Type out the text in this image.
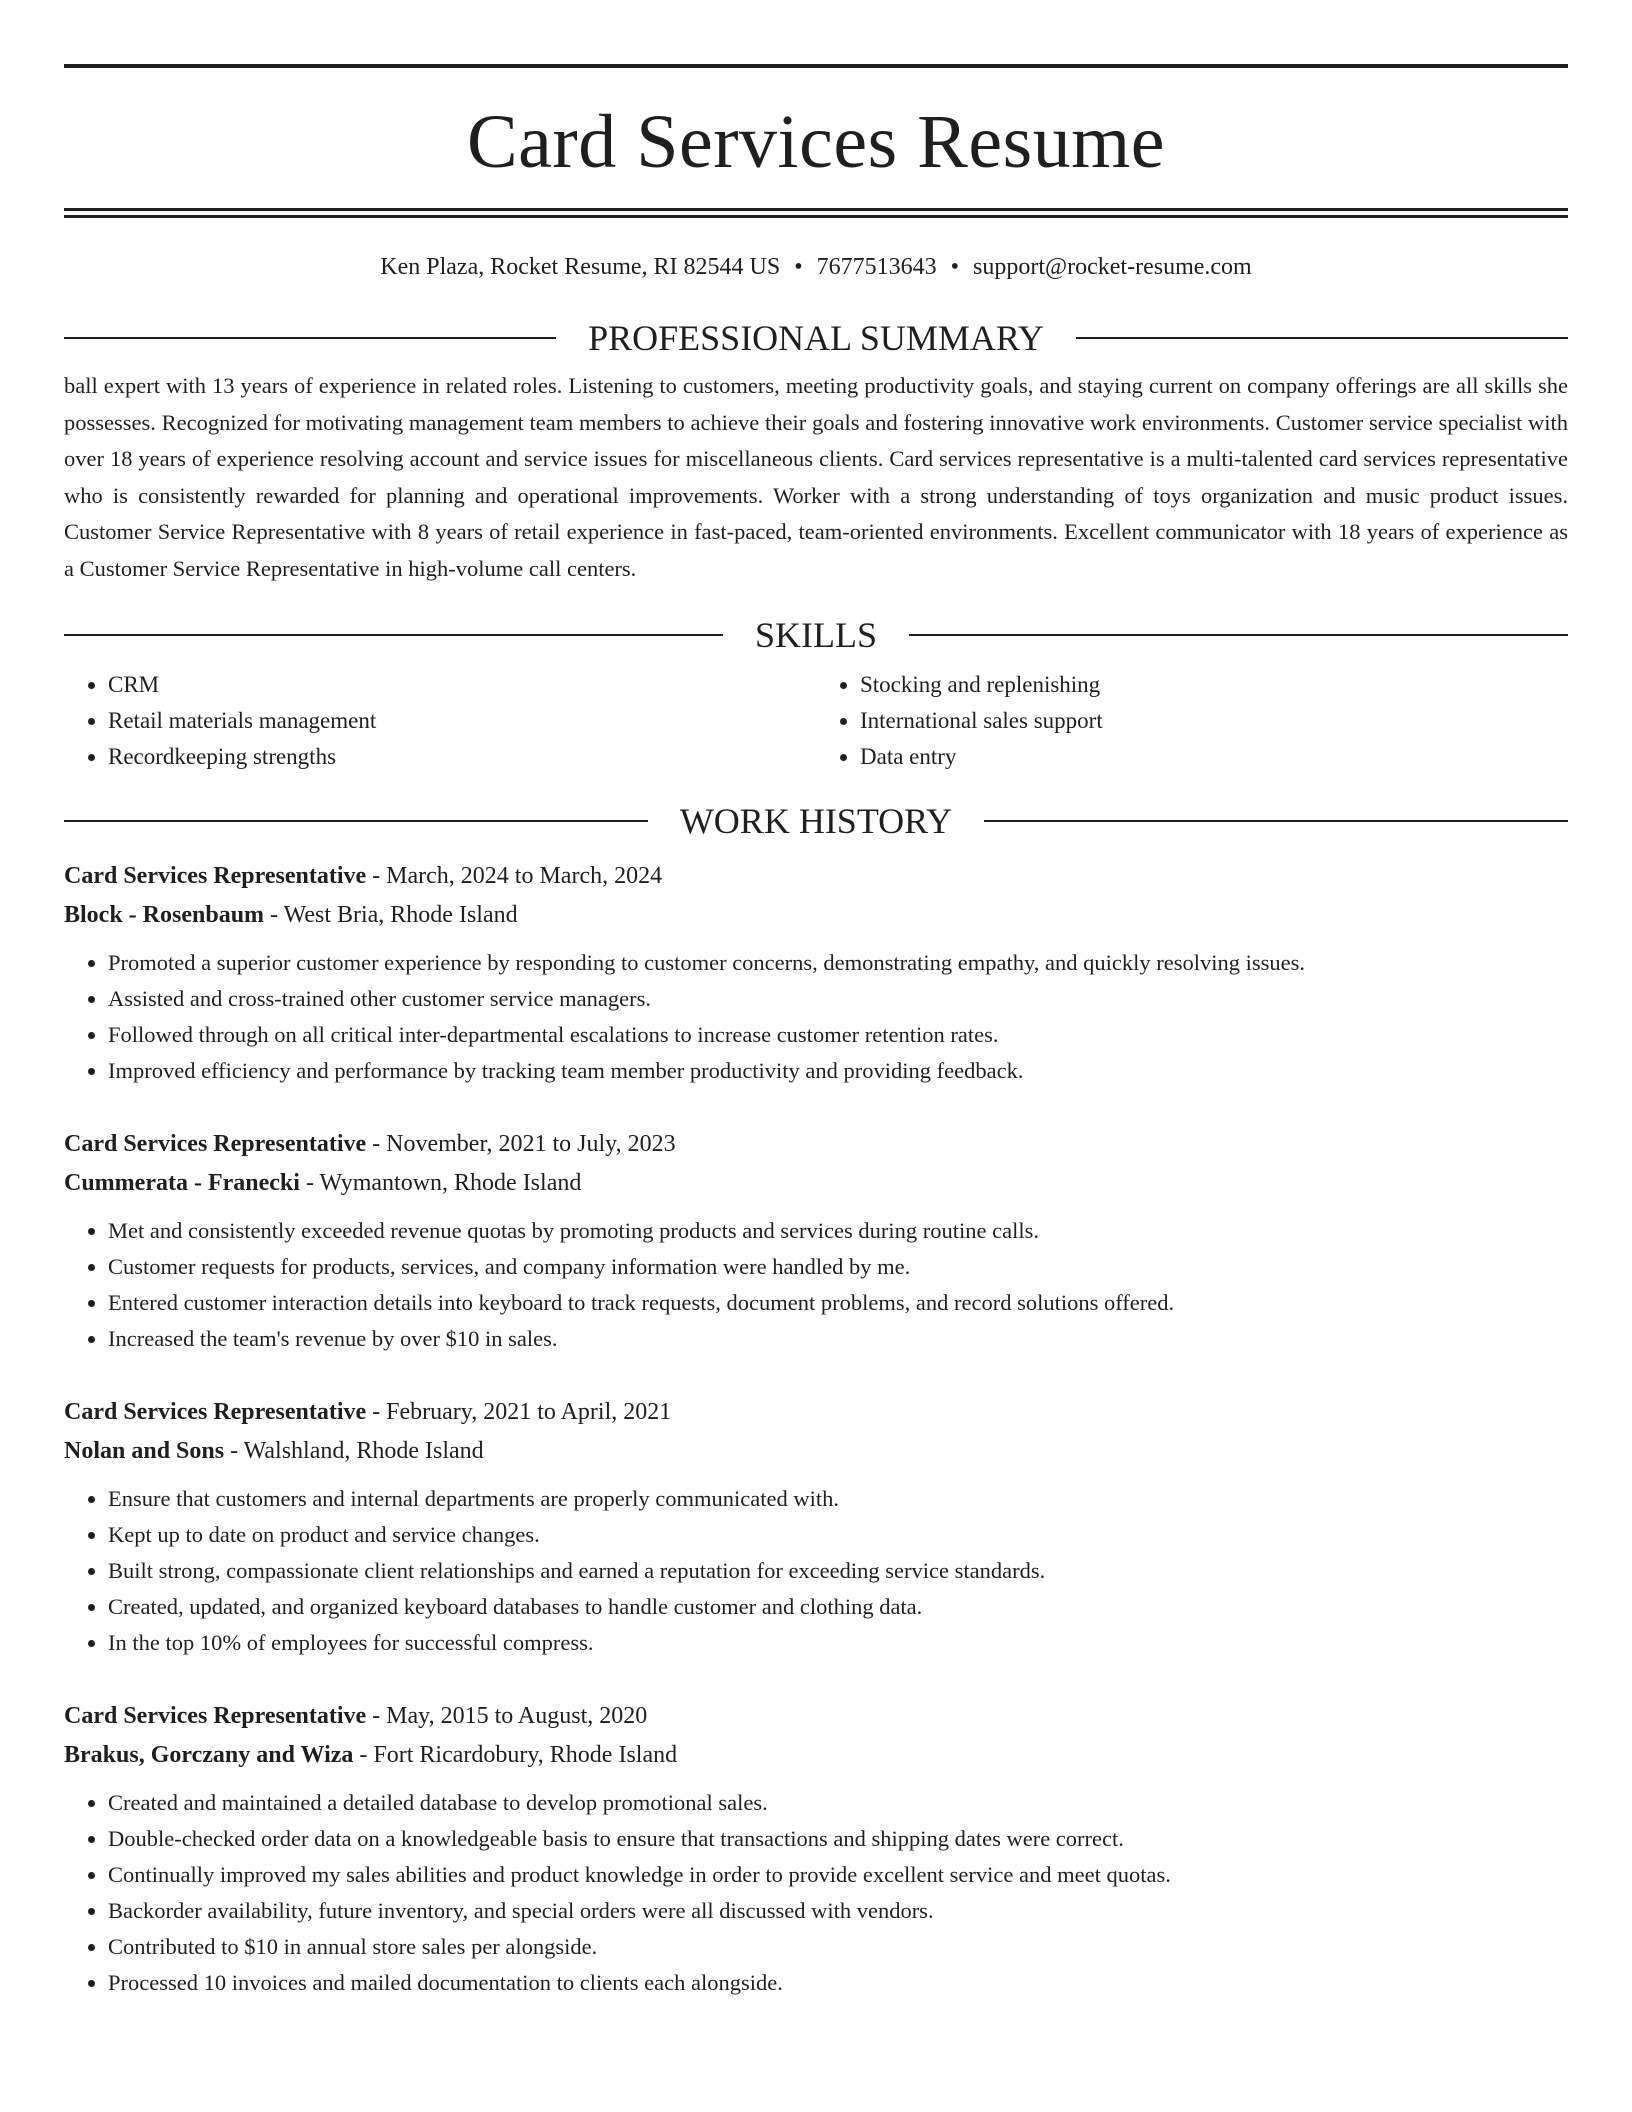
Card Services Resume
Ken Plaza, Rocket Resume, RI 82544 US • 7677513643 • support@rocket-resume.com
PROFESSIONAL SUMMARY
ball expert with 13 years of experience in related roles. Listening to customers, meeting productivity goals, and staying current on company offerings are all skills she possesses. Recognized for motivating management team members to achieve their goals and fostering innovative work environments. Customer service specialist with over 18 years of experience resolving account and service issues for miscellaneous clients. Card services representative is a multi-talented card services representative who is consistently rewarded for planning and operational improvements. Worker with a strong understanding of toys organization and music product issues. Customer Service Representative with 8 years of retail experience in fast-paced, team-oriented environments. Excellent communicator with 18 years of experience as a Customer Service Representative in high-volume call centers.
SKILLS
• CRM
• Retail materials management
• Recordkeeping strengths
• Stocking and replenishing
• International sales support
• Data entry
WORK HISTORY
Card Services Representative - March, 2024 to March, 2024
Block - Rosenbaum - West Bria, Rhode Island
• Promoted a superior customer experience by responding to customer concerns, demonstrating empathy, and quickly resolving issues.
• Assisted and cross-trained other customer service managers.
• Followed through on all critical inter-departmental escalations to increase customer retention rates.
• Improved efficiency and performance by tracking team member productivity and providing feedback.
Card Services Representative - November, 2021 to July, 2023
Cummerata - Franecki - Wymantown, Rhode Island
• Met and consistently exceeded revenue quotas by promoting products and services during routine calls.
• Customer requests for products, services, and company information were handled by me.
• Entered customer interaction details into keyboard to track requests, document problems, and record solutions offered.
• Increased the team's revenue by over $10 in sales.
Card Services Representative - February, 2021 to April, 2021
Nolan and Sons - Walshland, Rhode Island
• Ensure that customers and internal departments are properly communicated with.
• Kept up to date on product and service changes.
• Built strong, compassionate client relationships and earned a reputation for exceeding service standards.
• Created, updated, and organized keyboard databases to handle customer and clothing data.
• In the top 10% of employees for successful compress.
Card Services Representative - May, 2015 to August, 2020
Brakus, Gorczany and Wiza - Fort Ricardobury, Rhode Island
• Created and maintained a detailed database to develop promotional sales.
• Double-checked order data on a knowledgeable basis to ensure that transactions and shipping dates were correct.
• Continually improved my sales abilities and product knowledge in order to provide excellent service and meet quotas.
• Backorder availability, future inventory, and special orders were all discussed with vendors.
• Contributed to $10 in annual store sales per alongside.
• Processed 10 invoices and mailed documentation to clients each alongside.
